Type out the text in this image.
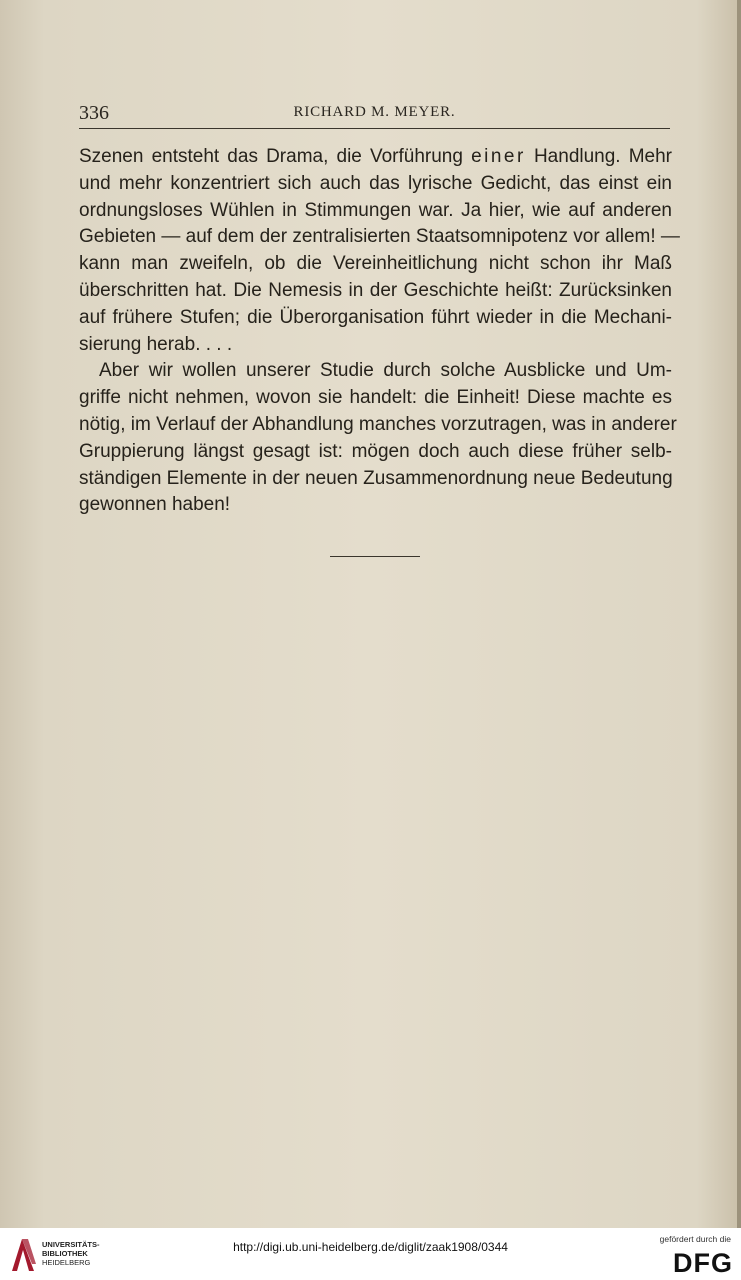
336	RICHARD M. MEYER.
Szenen entsteht das Drama, die Vorführung einer Handlung. Mehr
und mehr konzentriert sich auch das lyrische Gedicht, das einst ein
ordnungsloses Wühlen in Stimmungen war. Ja hier, wie auf anderen
Gebieten — auf dem der zentralisierten Staatsomnipotenz vor allem! —
kann man zweifeln, ob die Vereinheitlichung nicht schon ihr Maß
überschritten hat. Die Nemesis in der Geschichte heißt: Zurücksinken
auf frühere Stufen; die Überorganisation führt wieder in die Mechani-
sierung herab. . . .
Aber wir wollen unserer Studie durch solche Ausblicke und Um-
griffe nicht nehmen, wovon sie handelt: die Einheit! Diese machte es
nötig, im Verlauf der Abhandlung manches vorzutragen, was in anderer
Gruppierung längst gesagt ist: mögen doch auch diese früher selb-
ständigen Elemente in der neuen Zusammenordnung neue Bedeutung
gewonnen haben!
UNIVERSITÄTS-
BIBLIOTHEK
HEIDELBERG
http://digi.ub.uni-heidelberg.de/diglit/zaak1908/0344
gefördert durch die
DFG
